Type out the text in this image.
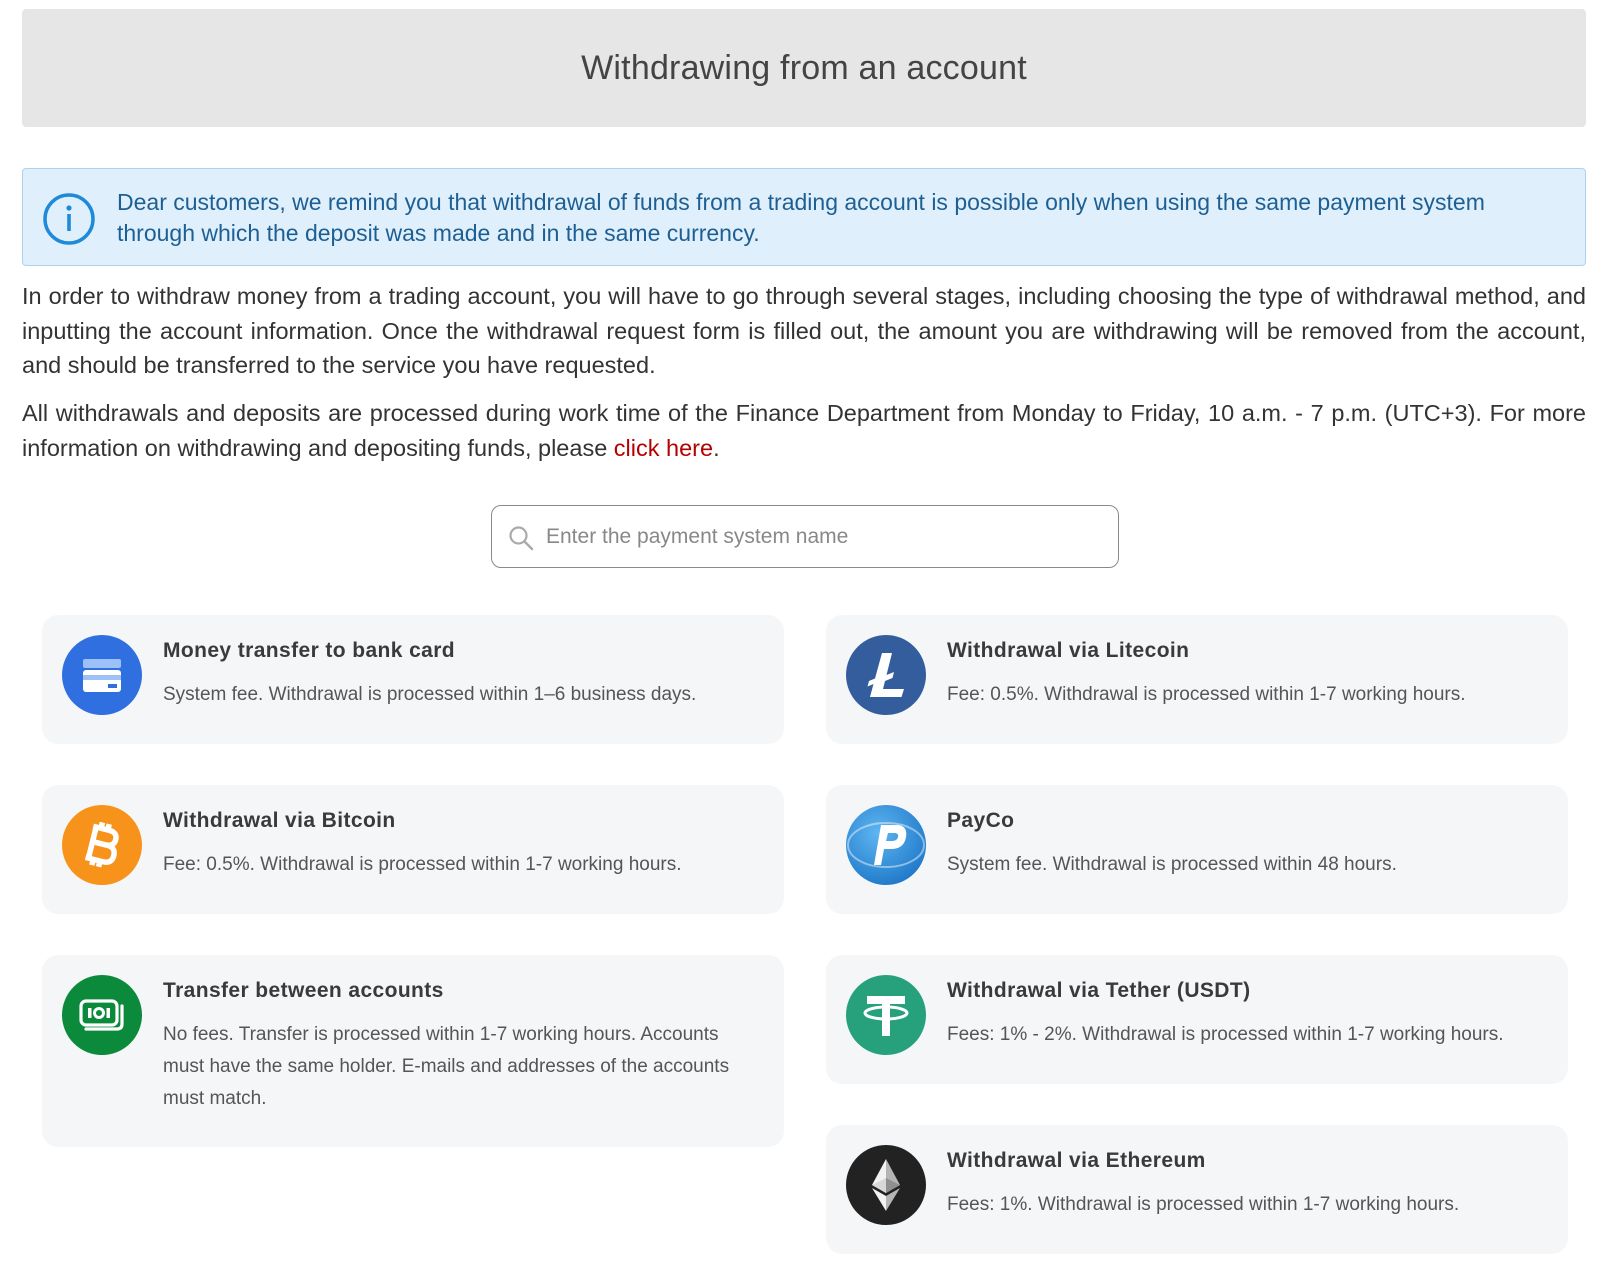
Withdrawing from an account
Dear customers, we remind you that withdrawal of funds from a trading account is possible only when using the same payment system through which the deposit was made and in the same currency.

In order to withdraw money from a trading account, you will have to go through several stages, including choosing the type of withdrawal method, and inputting the account information. Once the withdrawal request form is filled out, the amount you are withdrawing will be removed from the account, and should be transferred to the service you have requested.

All withdrawals and deposits are processed during work time of the Finance Department from Monday to Friday, 10 a.m. - 7 p.m. (UTC+3). For more information on withdrawing and depositing funds, please click here.

Enter the payment system name
Money transfer to bank card
System fee. Withdrawal is processed within 1–6 business days.
Withdrawal via Litecoin
Fee: 0.5%. Withdrawal is processed within 1-7 working hours.
Withdrawal via Bitcoin
Fee: 0.5%. Withdrawal is processed within 1-7 working hours.
PayCo
System fee. Withdrawal is processed within 48 hours.
Transfer between accounts
No fees. Transfer is processed within 1-7 working hours. Accounts must have the same holder. E-mails and addresses of the accounts must match.
Withdrawal via Tether (USDT)
Fees: 1% - 2%. Withdrawal is processed within 1-7 working hours.
Withdrawal via Ethereum
Fees: 1%. Withdrawal is processed within 1-7 working hours.
